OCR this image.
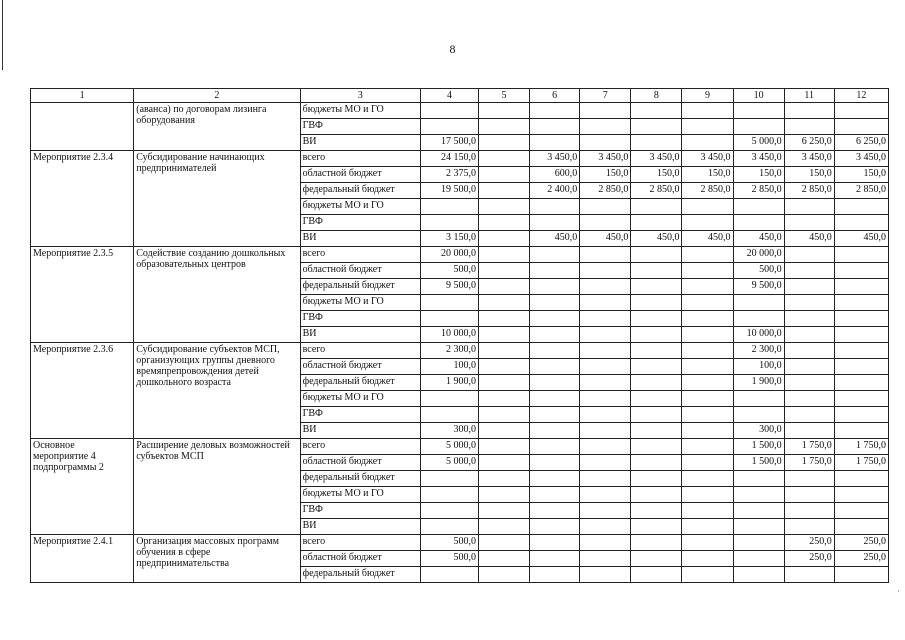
8
1	2	3	4	5	6	7	8	9	10	11	12
	(аванса) по договорам лизинга оборудования	бюджеты МО и ГО									
		ГВФ									
		ВИ	17 500,0						5 000,0	6 250,0	6 250,0
Мероприятие 2.3.4	Субсидирование начинающих предпринимателей	всего	24 150,0		3 450,0	3 450,0	3 450,0	3 450,0	3 450,0	3 450,0	3 450,0
		областной бюджет	2 375,0		600,0	150,0	150,0	150,0	150,0	150,0	150,0
		федеральный бюджет	19 500,0		2 400,0	2 850,0	2 850,0	2 850,0	2 850,0	2 850,0	2 850,0
		бюджеты МО и ГО									
		ГВФ									
		ВИ	3 150,0		450,0	450,0	450,0	450,0	450,0	450,0	450,0
Мероприятие 2.3.5	Содействие созданию дошкольных образовательных центров	всего	20 000,0						20 000,0		
		областной бюджет	500,0						500,0		
		федеральный бюджет	9 500,0						9 500,0		
		бюджеты МО и ГО									
		ГВФ									
		ВИ	10 000,0						10 000,0		
Мероприятие 2.3.6	Субсидирование субъектов МСП, организующих группы дневного времяпрепровождения детей дошкольного возраста	всего	2 300,0						2 300,0		
		областной бюджет	100,0						100,0		
		федеральный бюджет	1 900,0						1 900,0		
		бюджеты МО и ГО									
		ГВФ									
		ВИ	300,0						300,0		
Основное мероприятие 4 подпрограммы 2	Расширение деловых возможностей субъектов МСП	всего	5 000,0						1 500,0	1 750,0	1 750,0
		областной бюджет	5 000,0						1 500,0	1 750,0	1 750,0
		федеральный бюджет									
		бюджеты МО и ГО									
		ГВФ									
		ВИ									
Мероприятие 2.4.1	Организация массовых программ обучения в сфере предпринимательства	всего	500,0							250,0	250,0
		областной бюджет	500,0							250,0	250,0
		федеральный бюджет									
·
